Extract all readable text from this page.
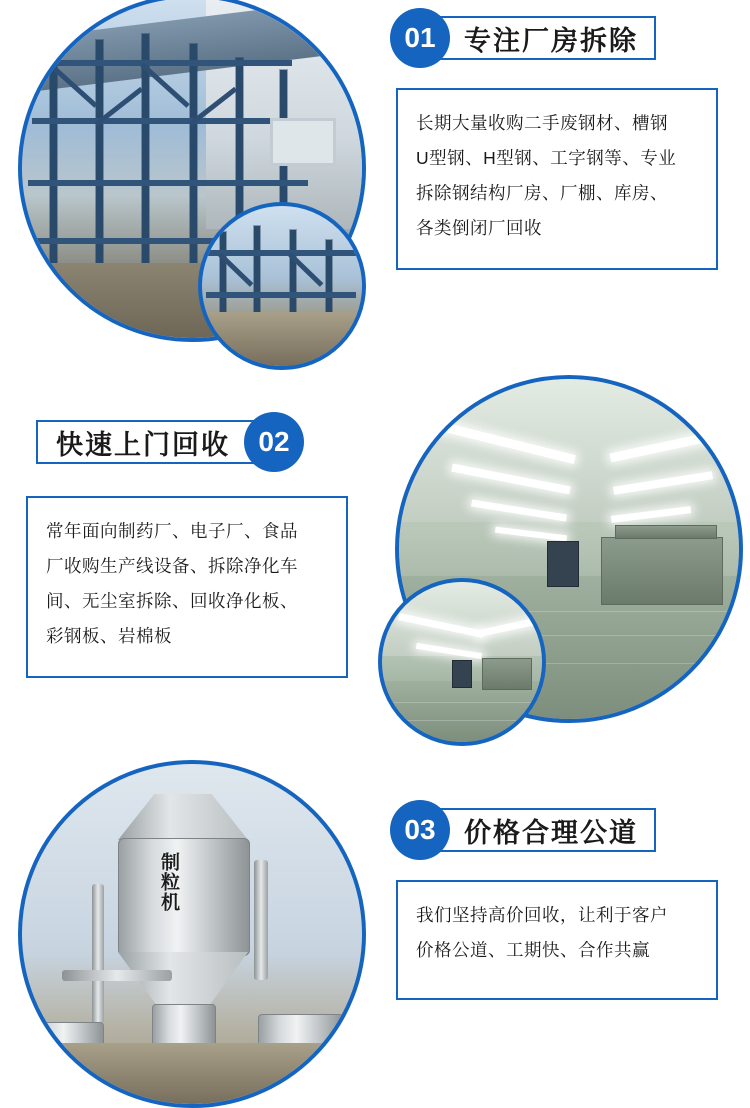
01	专注厂房拆除
长期大量收购二手废钢材、槽钢
U型钢、H型钢、工字钢等、专业
拆除钢结构厂房、厂棚、库房、
各类倒闭厂回收
快速上门回收	02
常年面向制药厂、电子厂、食品
厂收购生产线设备、拆除净化车
间、无尘室拆除、回收净化板、
彩钢板、岩棉板
制粒机
03	价格合理公道
我们坚持高价回收，让利于客户
价格公道、工期快、合作共赢
